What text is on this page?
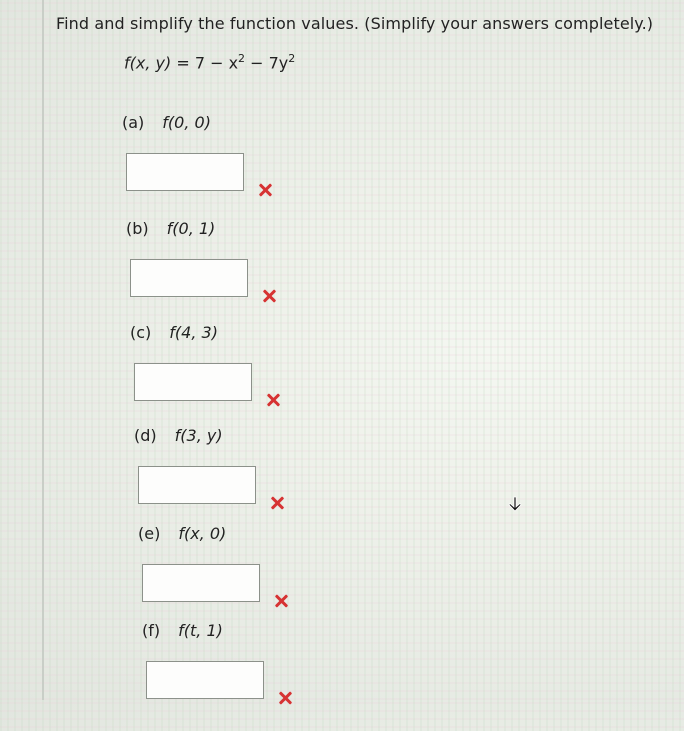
Find and simplify the function values. (Simplify your answers completely.)
f(x, $y) = 7 - x^2 - 7y^2$
(a) f(0, 0)
(b) f(0, 1)
(c) f(4, 3)
(d) f(3, y)
(e) f(x, 0)
(f) f(t, 1)
